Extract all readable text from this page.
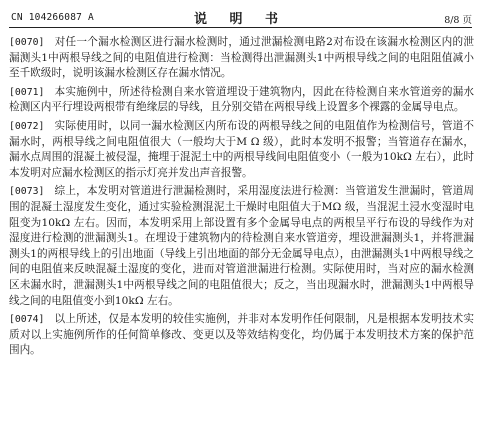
CN 104266087 A	说 明 书	8/8 页

[0070] 对任一个漏水检测区进行漏水检测时，通过泄漏检测电路2对布设在该漏水检测区内的泄漏测头1中两根导线之间的电阻值进行检测：当检测得出泄漏测头1中两根导线之间的电阻阻值减小至千欧级时，说明该漏水检测区存在漏水情况。

[0071] 本实施例中，所述待检测自来水管道埋设于建筑物内，因此在待检测自来水管道旁的漏水检测区内平行埋设两根带有绝缘层的导线，且分别交错在两根导线上设置多个裸露的金属导电点。

[0072] 实际使用时，以同一漏水检测区内所布设的两根导线之间的电阻值作为检测信号，管道不漏水时，两根导线之间电阻值很大（一般均大于M Ω 级），此时本发明不报警；当管道存在漏水，漏水点周围的混凝土被侵湿，掩埋于混泥土中的两根导线间电阻值变小（一般为10kΩ 左右），此时本发明对应漏水检测区的指示灯亮并发出声音报警。

[0073] 综上，本发明对管道进行泄漏检测时，采用湿度法进行检测：当管道发生泄漏时，管道周围的混凝土湿度发生变化，通过实验检测混泥土干燥时电阻值大于MΩ 级，当混泥土浸水变湿时电阻变为10kΩ 左右。因而，本发明采用上部设置有多个金属导电点的两根呈平行布设的导线作为对湿度进行检测的泄漏测头1。在埋设于建筑物内的待检测自来水管道旁，埋设泄漏测头1，并将泄漏测头1的两根导线上的引出地面（导线上引出地面的部分无金属导电点），由泄漏测头1中两根导线之间的电阻值来反映混凝土湿度的变化，进而对管道泄漏进行检测。实际使用时，当对应的漏水检测区未漏水时，泄漏测头1中两根导线之间的电阻值很大；反之，当出现漏水时，泄漏测头1中两根导线之间的电阻值变小到10kΩ 左右。

[0074] 以上所述，仅是本发明的较佳实施例，并非对本发明作任何限制，凡是根据本发明技术实质对以上实施例所作的任何简单修改、变更以及等效结构变化，均仍属于本发明技术方案的保护范围内。
